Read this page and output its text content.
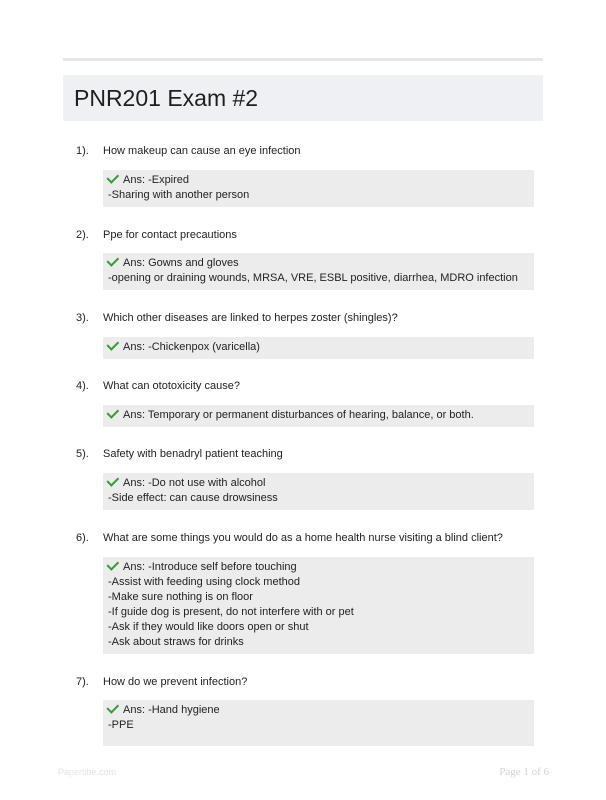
PNR201 Exam #2
1). How makeup can cause an eye infection
Ans: -Expired
-Sharing with another person
2). Ppe for contact precautions
Ans: Gowns and gloves
-opening or draining wounds, MRSA, VRE, ESBL positive, diarrhea, MDRO infection
3). Which other diseases are linked to herpes zoster (shingles)?
Ans: -Chickenpox (varicella)
4). What can ototoxicity cause?
Ans: Temporary or permanent disturbances of hearing, balance, or both.
5). Safety with benadryl patient teaching
Ans: -Do not use with alcohol
-Side effect: can cause drowsiness
6). What are some things you would do as a home health nurse visiting a blind client?
Ans: -Introduce self before touching
-Assist with feeding using clock method
-Make sure nothing is on floor
-If guide dog is present, do not interfere with or pet
-Ask if they would like doors open or shut
-Ask about straws for drinks
7). How do we prevent infection?
Ans: -Hand hygiene
-PPE
Papertibe.com	Page 1 of 6
